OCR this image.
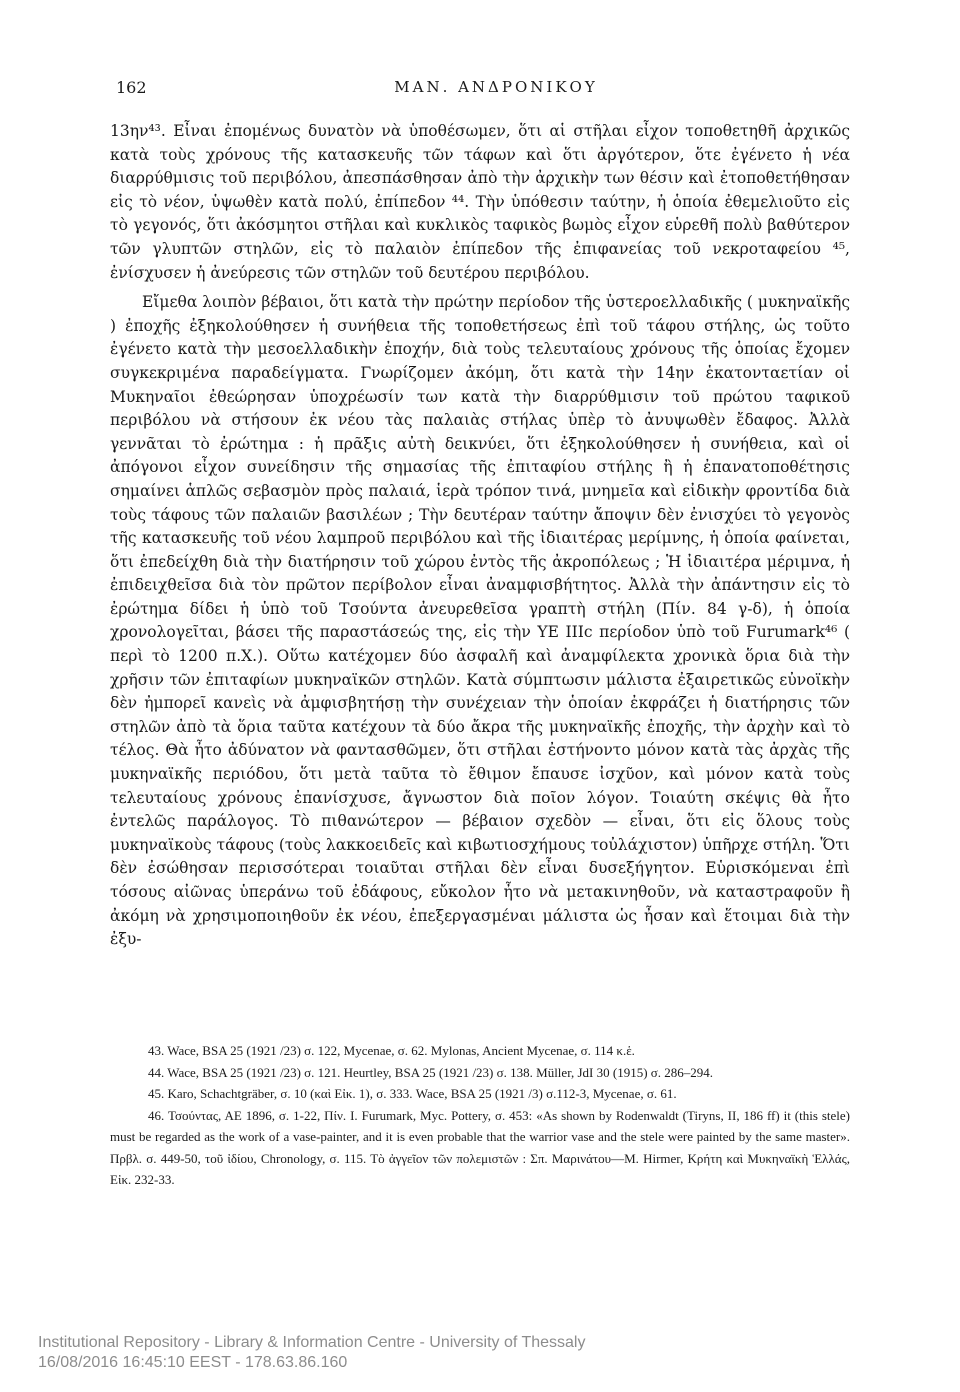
162	ΜΑΝ. ΑΝΔΡΟΝΙΚΟΥ

13ην⁴³. Εἶναι ἐπομένως δυνατὸν νὰ ὑποθέσωμεν, ὅτι αἱ στῆλαι εἶχον τοποθετηθῆ ἀρχικῶς κατὰ τοὺς χρόνους τῆς κατασκευῆς τῶν τάφων καὶ ὅτι ἀργότερον, ὅτε ἐγένετο ἡ νέα διαρρύθμισις τοῦ περιβόλου, ἀπεσπάσθησαν ἀπὸ τὴν ἀρχικὴν των θέσιν καὶ ἐτοποθετήθησαν εἰς τὸ νέον, ὑψωθὲν κατὰ πολύ, ἐπίπεδον ⁴⁴. Τὴν ὑπόθεσιν ταύτην, ἡ ὁποία ἐθεμελιοῦτο εἰς τὸ γεγονός, ὅτι ἀκόσμητοι στῆλαι καὶ κυκλικὸς ταφικὸς βωμὸς εἶχον εὑρεθῆ πολὺ βαθύτερον τῶν γλυπτῶν στηλῶν, εἰς τὸ παλαιὸν ἐπίπεδον τῆς ἐπιφανείας τοῦ νεκροταφείου ⁴⁵, ἐνίσχυσεν ἡ ἀνεύρεσις τῶν στηλῶν τοῦ δευτέρου περιβόλου.

Εἴμεθα λοιπὸν βέβαιοι, ὅτι κατὰ τὴν πρώτην περίοδον τῆς ὑστεροελλαδικῆς ( μυκηναϊκῆς ) ἐποχῆς ἐξηκολούθησεν ἡ συνήθεια τῆς τοποθετήσεως ἐπὶ τοῦ τάφου στήλης, ὡς τοῦτο ἐγένετο κατὰ τὴν μεσοελλαδικὴν ἐποχήν, διὰ τοὺς τελευταίους χρόνους τῆς ὁποίας ἔχομεν συγκεκριμένα παραδείγματα. Γνωρίζομεν ἀκόμη, ὅτι κατὰ τὴν 14ην ἑκατονταετίαν οἱ Μυκηναῖοι ἐθεώρησαν ὑποχρέωσίν των κατὰ τὴν διαρρύθμισιν τοῦ πρώτου ταφικοῦ περιβόλου νὰ στήσουν ἐκ νέου τὰς παλαιὰς στήλας ὑπὲρ τὸ ἀνυψωθὲν ἔδαφος. Ἀλλὰ γεννᾶται τὸ ἐρώτημα : ἡ πρᾶξις αὐτὴ δεικνύει, ὅτι ἐξηκολούθησεν ἡ συνήθεια, καὶ οἱ ἀπόγονοι εἶχον συνείδησιν τῆς σημασίας τῆς ἐπιταφίου στήλης ἢ ἡ ἐπανατοποθέτησις σημαίνει ἁπλῶς σεβασμὸν πρὸς παλαιά, ἱερὰ τρόπον τινά, μνημεῖα καὶ εἰδικὴν φροντίδα διὰ τοὺς τάφους τῶν παλαιῶν βασιλέων ; Τὴν δευτέραν ταύτην ἄποψιν δὲν ἐνισχύει τὸ γεγονὸς τῆς κατασκευῆς τοῦ νέου λαμπροῦ περιβόλου καὶ τῆς ἰδιαιτέρας μερίμνης, ἡ ὁποία φαίνεται, ὅτι ἐπεδείχθη διὰ τὴν διατήρησιν τοῦ χώρου ἐντὸς τῆς ἀκροπόλεως ; Ἡ ἰδιαιτέρα μέριμνα, ἡ ἐπιδειχθεῖσα διὰ τὸν πρῶτον περίβολον εἶναι ἀναμφισβήτητος. Ἀλλὰ τὴν ἀπάντησιν εἰς τὸ ἐρώτημα δίδει ἡ ὑπὸ τοῦ Τσούντα ἀνευρεθεῖσα γραπτὴ στήλη (Πίν. 84 γ-δ), ἡ ὁποία χρονολογεῖται, βάσει τῆς παραστάσεώς της, εἰς τὴν ΥΕ IIIc περίοδον ὑπὸ τοῦ Furumark⁴⁶ ( περὶ τὸ 1200 π.Χ.). Οὕτω κατέχομεν δύο ἀσφαλῆ καὶ ἀναμφίλεκτα χρονικὰ ὅρια διὰ τὴν χρῆσιν τῶν ἐπιταφίων μυκηναϊκῶν στηλῶν. Κατὰ σύμπτωσιν μάλιστα ἐξαιρετικῶς εὐνοϊκὴν δὲν ἠμπορεῖ κανεὶς νὰ ἀμφισβητήσῃ τὴν συνέχειαν τὴν ὁποίαν ἐκφράζει ἡ διατήρησις τῶν στηλῶν ἀπὸ τὰ ὅρια ταῦτα κατέχουν τὰ δύο ἄκρα τῆς μυκηναϊκῆς ἐποχῆς, τὴν ἀρχὴν καὶ τὸ τέλος. Θὰ ἦτο ἀδύνατον νὰ φαντασθῶμεν, ὅτι στῆλαι ἐστήνοντο μόνον κατὰ τὰς ἀρχὰς τῆς μυκηναϊκῆς περιόδου, ὅτι μετὰ ταῦτα τὸ ἔθιμον ἔπαυσε ἰσχῦον, καὶ μόνον κατὰ τοὺς τελευταίους χρόνους ἐπανίσχυσε, ἄγνωστον διὰ ποῖον λόγον. Τοιαύτη σκέψις θὰ ἦτο ἐντελῶς παράλογος. Τὸ πιθανώτερον — βέβαιον σχεδὸν — εἶναι, ὅτι εἰς ὅλους τοὺς μυκηναϊκοὺς τάφους (τοὺς λακκοειδεῖς καὶ κιβωτιοσχήμους τοὐλάχιστον) ὑπῆρχε στήλη. Ὅτι δὲν ἐσώθησαν περισσότεραι τοιαῦται στῆλαι δὲν εἶναι δυσεξήγητον. Εὑρισκόμεναι ἐπὶ τόσους αἰῶνας ὑπεράνω τοῦ ἐδάφους, εὔκολον ἦτο νὰ μετακινηθοῦν, νὰ καταστραφοῦν ἢ ἀκόμη νὰ χρησιμοποιηθοῦν ἐκ νέου, ἐπεξεργασμέναι μάλιστα ὡς ἦσαν καὶ ἕτοιμαι διὰ τὴν ἐξυ-

43. Wace, BSA 25 (1921 /23) σ. 122, Mycenae, σ. 62. Mylonas, Ancient Mycenae, σ. 114 κ.ἑ.

44. Wace, BSA 25 (1921 /23) σ. 121. Heurtley, BSA 25 (1921 /23) σ. 138. Müller, JdI 30 (1915) σ. 286–294.

45. Karo, Schachtgräber, σ. 10 (καὶ Εἰκ. 1), σ. 333. Wace, BSA 25 (1921 /3) σ.112-3, Mycenae, σ. 61.

46. Τσούντας, ΑΕ 1896, σ. 1-22, Πίν. I. Furumark, Myc. Pottery, σ. 453: «As shown by Rodenwaldt (Tiryns, II, 186 ff) it (this stele) must be regarded as the work of a vase-painter, and it is even probable that the warrior vase and the stele were painted by the same master». Πρβλ. σ. 449-50, τοῦ ἰδίου, Chronology, σ. 115. Τὸ ἀγγεῖον τῶν πολεμιστῶν : Σπ. Μαρινάτου—Μ. Hirmer, Κρήτη καὶ Μυκηναϊκὴ Ἑλλάς, Εἰκ. 232-33.

Institutional Repository - Library & Information Centre - University of Thessaly
16/08/2016 16:45:10 EEST - 178.63.86.160
